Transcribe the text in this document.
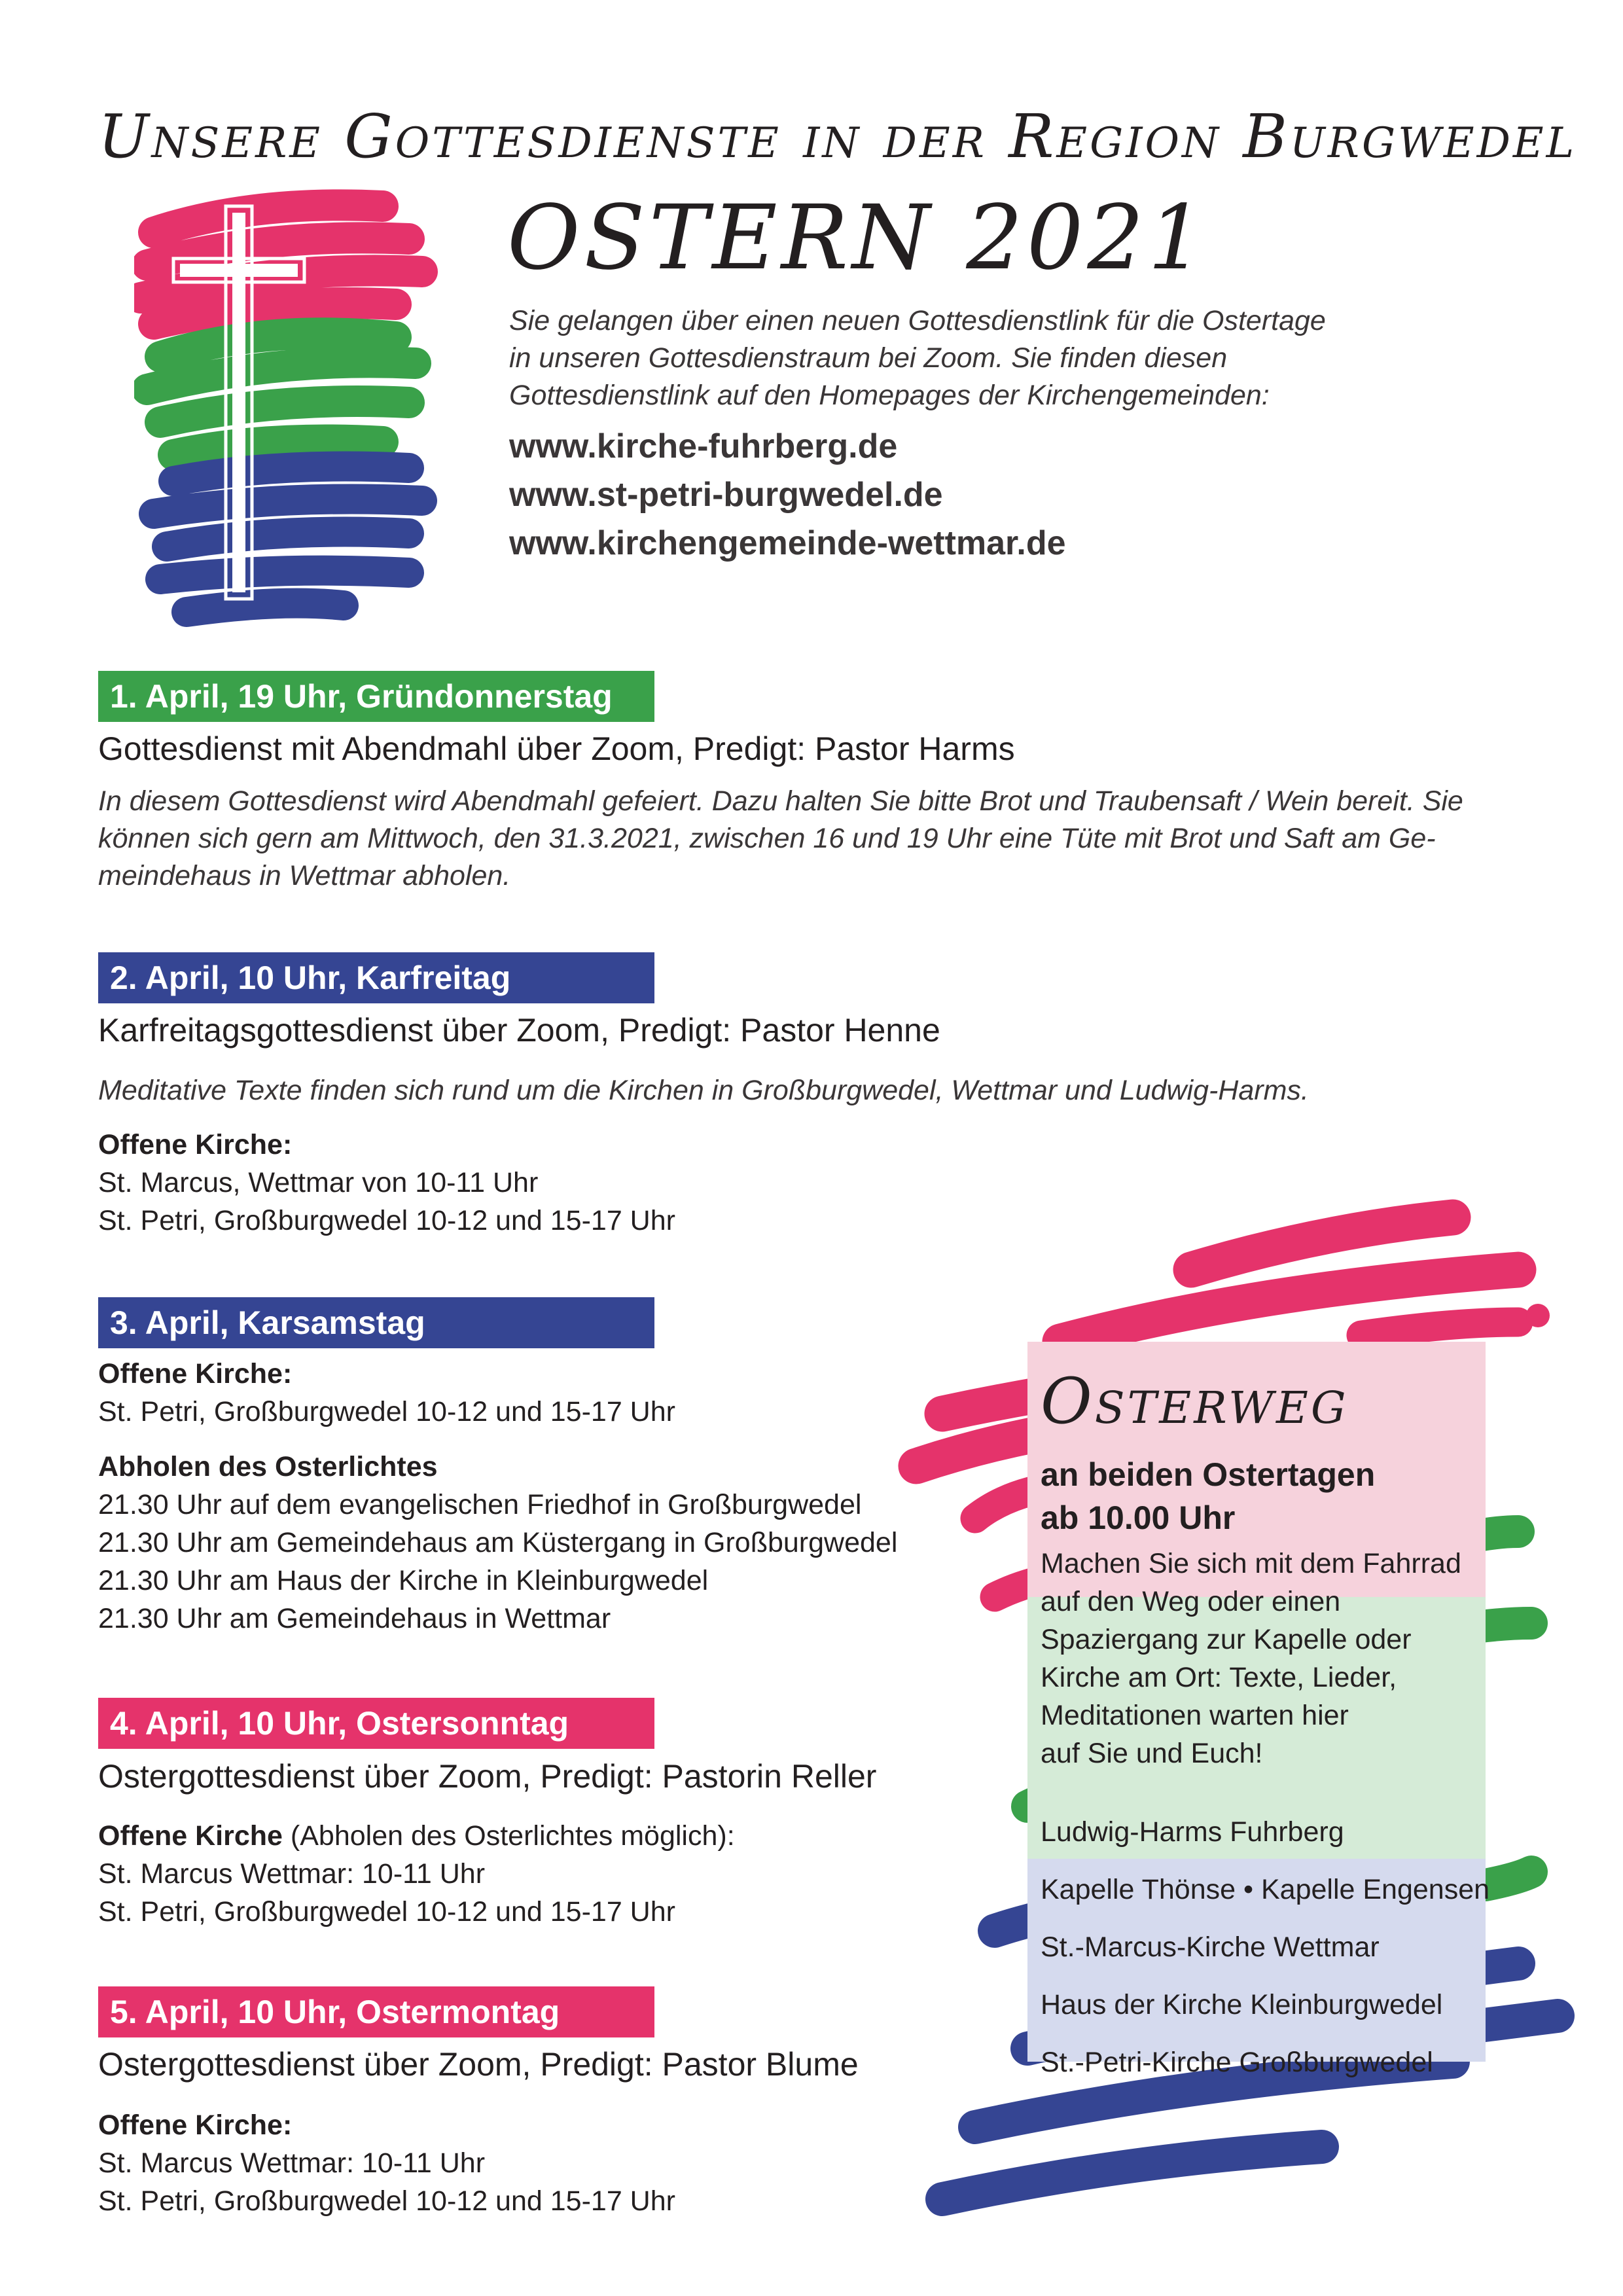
Unsere Gottesdienste in der Region Burgwedel
OSTERN 2021
Sie gelangen über einen neuen Gottesdienstlink für die Ostertage
in unseren Gottesdienstraum bei Zoom. Sie finden diesen
Gottesdienstlink auf den Homepages der Kirchengemeinden:
www.kirche-fuhrberg.de
www.st-petri-burgwedel.de
www.kirchengemeinde-wettmar.de
1. April, 19 Uhr, Gründonnerstag
Gottesdienst mit Abendmahl über Zoom, Predigt: Pastor Harms
In diesem Gottesdienst wird Abendmahl gefeiert. Dazu halten Sie bitte Brot und Traubensaft / Wein bereit. Sie
können sich gern am Mittwoch, den 31.3.2021, zwischen 16 und 19 Uhr eine Tüte mit Brot und Saft am Ge-
meindehaus in Wettmar abholen.
2. April, 10 Uhr, Karfreitag
Karfreitagsgottesdienst über Zoom, Predigt: Pastor Henne
Meditative Texte finden sich rund um die Kirchen in Großburgwedel, Wettmar und Ludwig-Harms.
Offene Kirche:
St. Marcus, Wettmar von 10-11 Uhr
St. Petri, Großburgwedel 10-12 und 15-17 Uhr
3. April, Karsamstag
Offene Kirche:
St. Petri, Großburgwedel 10-12 und 15-17 Uhr
Abholen des Osterlichtes
21.30 Uhr auf dem evangelischen Friedhof in Großburgwedel
21.30 Uhr am Gemeindehaus am Küstergang in Großburgwedel
21.30 Uhr am Haus der Kirche in Kleinburgwedel
21.30 Uhr am Gemeindehaus in Wettmar
4. April, 10 Uhr, Ostersonntag
Ostergottesdienst über Zoom, Predigt: Pastorin Reller
Offene Kirche (Abholen des Osterlichtes möglich):
St. Marcus Wettmar: 10-11 Uhr
St. Petri, Großburgwedel 10-12 und 15-17 Uhr
5. April, 10 Uhr, Ostermontag
Ostergottesdienst über Zoom, Predigt: Pastor Blume
Offene Kirche:
St. Marcus Wettmar: 10-11 Uhr
St. Petri, Großburgwedel 10-12 und 15-17 Uhr
Osterweg
an beiden Ostertagen
ab 10.00 Uhr
Machen Sie sich mit dem Fahrrad
auf den Weg oder einen
Spaziergang zur Kapelle oder
Kirche am Ort: Texte, Lieder,
Meditationen warten hier
auf Sie und Euch!
Ludwig-Harms Fuhrberg
Kapelle Thönse • Kapelle Engensen
St.-Marcus-Kirche Wettmar
Haus der Kirche Kleinburgwedel
St.-Petri-Kirche Großburgwedel
